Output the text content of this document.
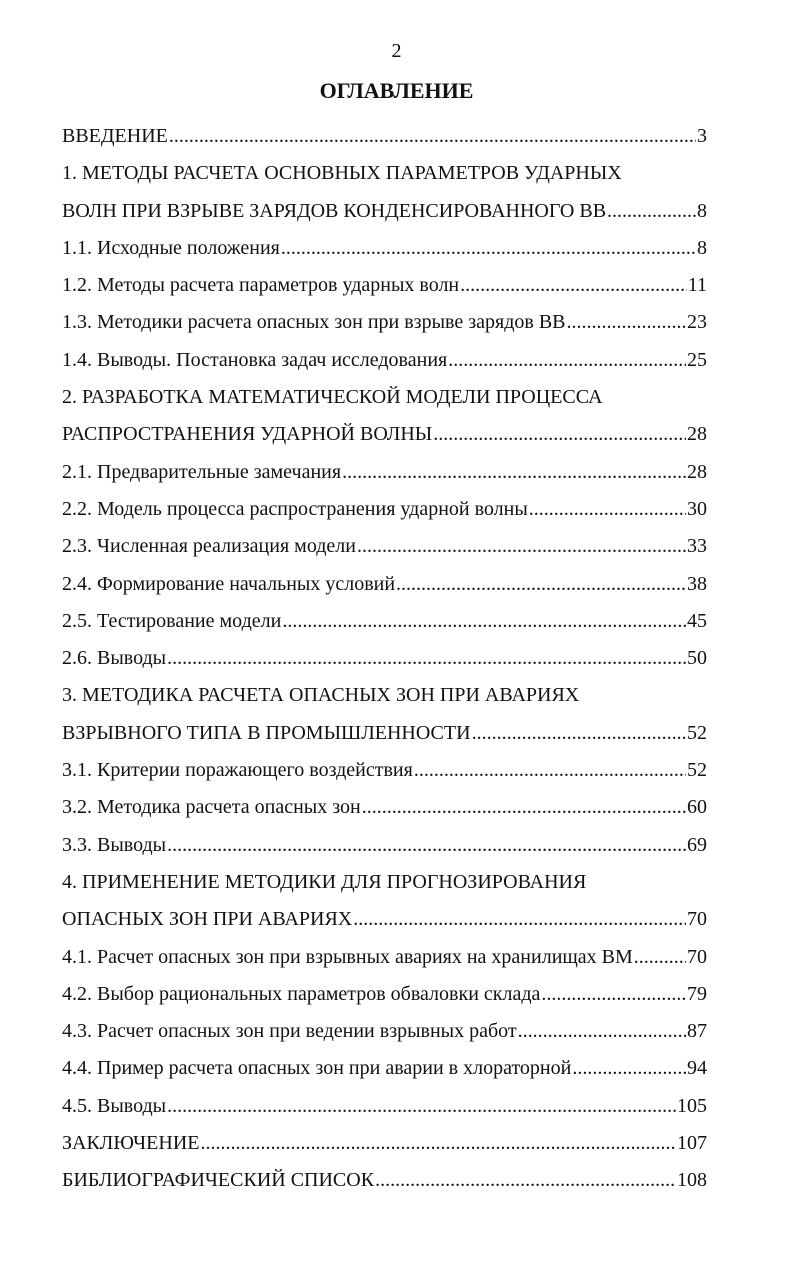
2
ОГЛАВЛЕНИЕ
ВВЕДЕНИЕ .....	3
1. МЕТОДЫ РАСЧЕТА ОСНОВНЫХ ПАРАМЕТРОВ УДАРНЫХ
ВОЛН ПРИ ВЗРЫВЕ ЗАРЯДОВ КОНДЕНСИРОВАННОГО ВВ .....	8
1.1. Исходные положения .....	8
1.2. Методы расчета параметров ударных волн .....	11
1.3. Методики расчета опасных зон при взрыве зарядов ВВ .....	23
1.4. Выводы. Постановка задач исследования .....	25
2. РАЗРАБОТКА МАТЕМАТИЧЕСКОЙ МОДЕЛИ ПРОЦЕССА
РАСПРОСТРАНЕНИЯ УДАРНОЙ ВОЛНЫ .....	28
2.1. Предварительные замечания .....	28
2.2. Модель процесса распространения ударной волны .....	30
2.3. Численная реализация модели .....	33
2.4. Формирование начальных условий .....	38
2.5. Тестирование модели .....	45
2.6. Выводы .....	50
3. МЕТОДИКА РАСЧЕТА ОПАСНЫХ ЗОН ПРИ АВАРИЯХ
ВЗРЫВНОГО ТИПА В ПРОМЫШЛЕННОСТИ .....	52
3.1. Критерии поражающего воздействия .....	52
3.2. Методика расчета опасных зон .....	60
3.3. Выводы .....	69
4. ПРИМЕНЕНИЕ МЕТОДИКИ ДЛЯ ПРОГНОЗИРОВАНИЯ
ОПАСНЫХ ЗОН ПРИ АВАРИЯХ .....	70
4.1. Расчет опасных зон при взрывных авариях на хранилищах ВМ .....	70
4.2. Выбор рациональных параметров обваловки склада .....	79
4.3. Расчет опасных зон при ведении взрывных работ .....	87
4.4. Пример расчета опасных зон при аварии в хлораторной .....	94
4.5. Выводы .....	105
ЗАКЛЮЧЕНИЕ .....	107
БИБЛИОГРАФИЧЕСКИЙ СПИСОК .....	108
